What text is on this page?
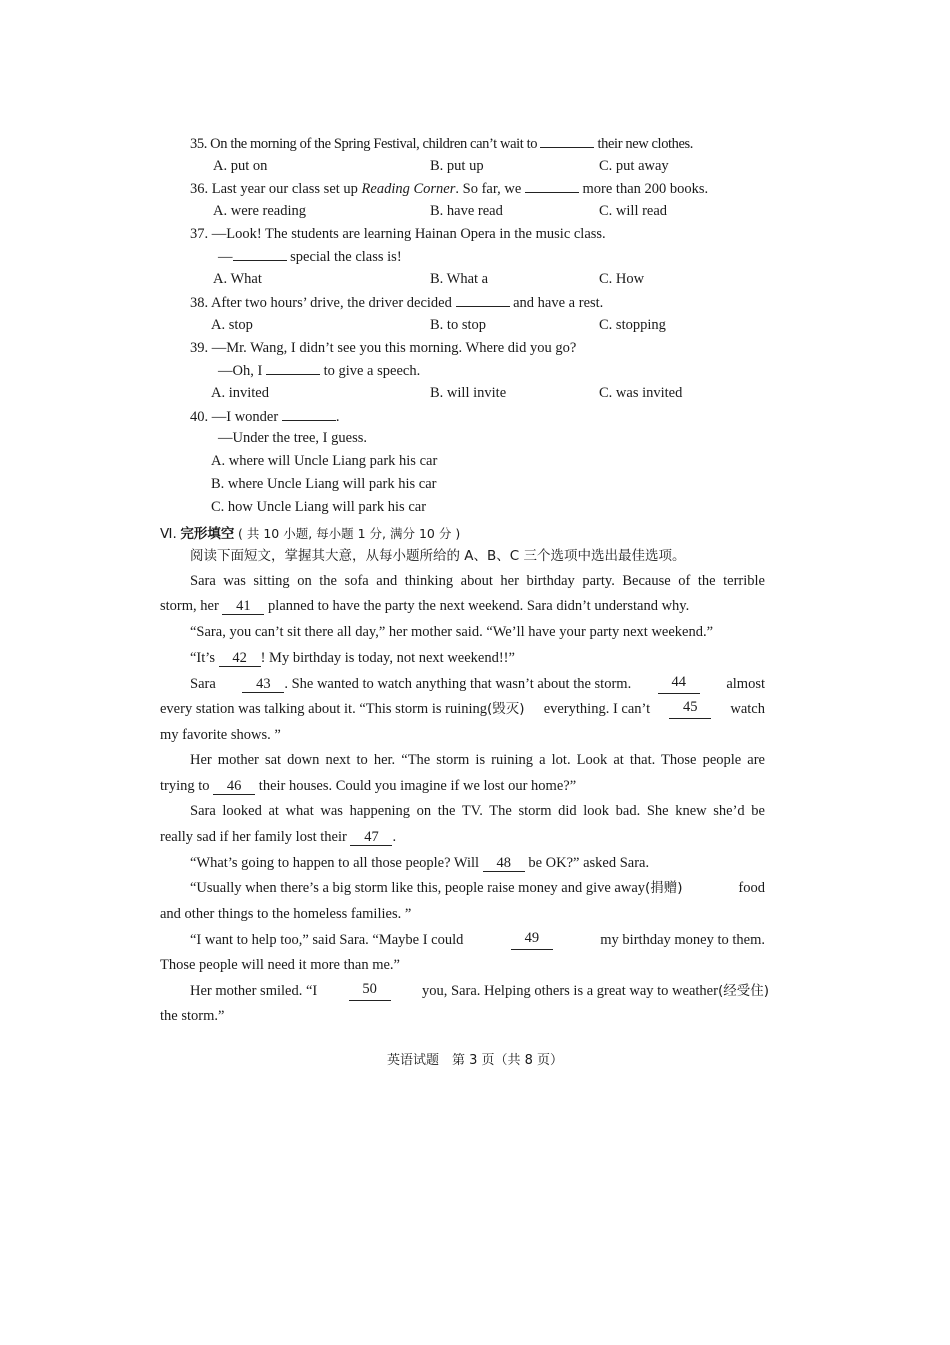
35. On the morning of the Spring Festival, children can’t wait to	their new clothes.
A. put on	B. put up	C. put away
36. Last year our class set up Reading Corner. So far, we	more than 200 books.
A. were reading	B. have read	C. will read
37. —Look! The students are learning Hainan Opera in the music class.
—	special the class is!
A. What	B. What a	C. How
38. After two hours’ drive, the driver decided	and have a rest.
A. stop	B. to stop	C. stopping
39. —Mr. Wang, I didn’t see you this morning. Where did you go?
—Oh, I	to give a speech.
A. invited	B. will invite	C. was invited
40. —I wonder	.
—Under the tree, I guess.
A. where will Uncle Liang park his car
B. where Uncle Liang will park his car
C. how Uncle Liang will park his car
Ⅵ. 完形填空 ( 共 10 小题, 每小题 1 分, 满分 10 分 )
阅读下面短文，掌握其大意，从每小题所给的 A、B、C 三个选项中选出最佳选项。
Sara was sitting on the sofa and thinking about her birthday party. Because of the terrible
storm, her 41 planned to have the party the next weekend. Sara didn’t understand why.
“Sara, you can’t sit there all day,” her mother said. “We’ll have your party next weekend.”
“It’s 42 ! My birthday is today, not next weekend!!”
Sara	43 . She wanted to watch anything that wasn’t about the storm.	44	almost
every station was talking about it. “This storm is ruining(毁灭) everything. I can’t	45	watch
my favorite shows. ”
Her mother sat down next to her. “The storm is ruining a lot. Look at that. Those people are
trying to 46 their houses. Could you imagine if we lost our home?”
Sara looked at what was happening on the TV. The storm did look bad. She knew she’d be
really sad if her family lost their 47 .
“What’s going to happen to all those people? Will 48 be OK?” asked Sara.
“Usually when there’s a big storm like this, people raise money and give away(捐赠)	food
and other things to the homeless families. ”
“I want to help too,” said Sara. “Maybe I could	49	my birthday money to them.
Those people will need it more than me.”
Her mother smiled. “I	50	you, Sara. Helping others is a great way to weather(经受住)
the storm.”
英语试题　第 3 页（共 8 页）
